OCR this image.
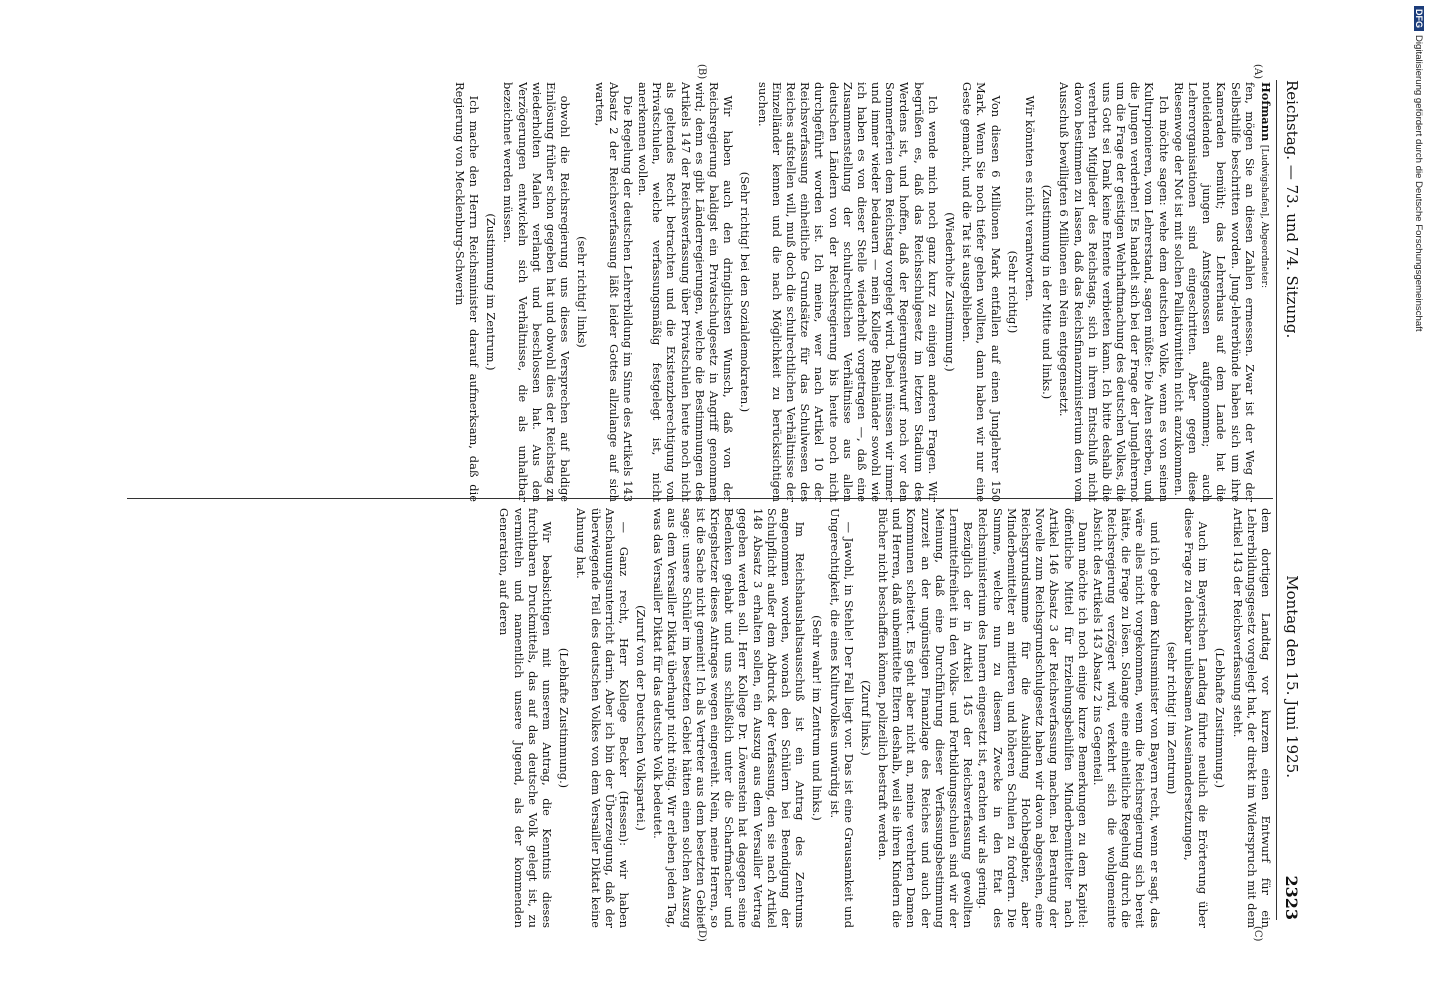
Reichstag. — 73. und 74. Sitzung.
Montag den 15. Juni 1925.
2323
(A)
(B)
(C)
(D)

Hofmann [Ludwigshafen], Abgeordneter:

fen, mögen Sie an diesen Zahlen ermessen. Zwar ist der Weg der Selbsthilfe beschritten worden. Jung-lehrerbünde haben sich um ihre Kameraden bemüht; das Lehrerhaus auf dem Lande hat die notleidenden jungen Amtsgenossen aufgenommen; auch Lehrerorganisationen sind eingeschritten. Aber gegen diese Riesenwoge der Not ist mit solchen Palliativmitteln nicht anzukommen.

Ich möchte sagen: wehe dem deutschen Volke, wenn es von seinen Kulturpionieren, vom Lehrerstand, sagen müßte: Die Alten sterben, und die Jungen verderben! Es handelt sich bei der Frage der Junglehrernot um die Frage der geistigen Wehrhaftmachung des deutschen Volkes, die uns Gott sei Dank keine Entente verbieten kann. Ich bitte deshalb die verehrten Mitglieder des Reichstags, sich in ihrem Entschluß nicht davon bestimmen zu lassen, daß das Reichsfinanzministerium dem vom Ausschuß bewilligten 6 Millionen ein Nein entgegensetzt.

(Zustimmung in der Mitte und links.)

Wir könnten es nicht verantworten.

(Sehr richtig!)

Von diesen 6 Millionen Mark entfallen auf einen Junglehrer 150 Mark. Wenn Sie noch tiefer gehen wollten, dann haben wir nur eine Geste gemacht, und die Tat ist ausgeblieben.

(Wiederholte Zustimmung.)

Ich wende mich noch ganz kurz zu einigen anderen Fragen. Wir begrüßen es, daß das Reichsschulgesetz im letzten Stadium des Werdens ist, und hoffen, daß der Regierungsentwurf noch vor den Sommerferien dem Reichstag vorgelegt wird. Dabei müssen wir immer und immer wieder bedauern — mein Kollege Rheinländer sowohl wie ich haben es von dieser Stelle wiederholt vorgetragen —, daß eine Zusammenstellung der schulrechtlichen Verhältnisse aus allen deutschen Ländern von der Reichsregierung bis heute noch nicht durchgeführt worden ist. Ich meine, wer nach Artikel 10 der Reichsverfassung einheitliche Grundsätze für das Schulwesen des Reiches aufstellen will, muß doch die schulrechtlichen Verhältnisse der Einzelländer kennen und die nach Möglichkeit zu berücksichtigen suchen.

(Sehr richtig! bei den Sozialdemokraten.)

Wir haben auch den dringlichsten Wunsch, daß von der Reichsregierung baldigst ein Privatschulgesetz in Angriff genommen wird; denn es gibt Länderregierungen, welche die Bestimmungen des Artikels 147 der Reichsverfassung über Privatschulen heute noch nicht als geltendes Recht betrachten und die Existenzberechtigung von Privatschulen, welche verfassungsmäßig festgelegt ist, nicht anerkennen wollen.

Die Regelung der deutschen Lehrerbildung im Sinne des Artikels 143 Absatz 2 der Reichsverfassung läßt leider Gottes allzulange auf sich warten,

(sehr richtig! links)

obwohl die Reichsregierung uns dieses Versprechen auf baldige Einlösung früher schon gegeben hat und obwohl dies der Reichstag zu wiederholten Malen verlangt und beschlossen hat. Aus den Verzögerungen entwickeln sich Verhältnisse, die als unhaltbar bezeichnet werden müssen.

(Zustimmung im Zentrum.)

Ich mache den Herrn Reichsminister darauf aufmerksam, daß die Regierung von Mecklenburg-Schwerin

dem dortigen Landtag vor kurzem einen Entwurf für ein Lehrerbildungsgesetz vorgelegt hat, der direkt im Widerspruch mit dem Artikel 143 der Reichsverfassung steht.

(Lebhafte Zustimmung.)

Auch im Bayerischen Landtag führte neulich die Erörterung über diese Frage zu denkbar unliebsamen Auseinandersetzungen,

(sehr richtig! im Zentrum)

und ich gebe dem Kultusminister von Bayern recht, wenn er sagt, das wäre alles nicht vorgekommen, wenn die Reichsregierung sich bereit hätte, die Frage zu lösen. Solange eine einheitliche Regelung durch die Reichsregierung verzögert wird, verkehrt sich die wohlgemeinte Absicht des Artikels 143 Absatz 2 ins Gegenteil.

Dann möchte ich noch einige kurze Bemerkungen zu dem Kapitel: öffentliche Mittel für Erziehungsbeihilfen Minderbemittelter nach Artikel 146 Absatz 3 der Reichsverfassung machen. Bei Beratung der Novelle zum Reichsgrundschulgesetz haben wir davon abgesehen, eine Reichsgrundsumme für die Ausbildung Hochbegabter, aber Minderbemittelter an mittleren und höheren Schulen zu fordern. Die Summe, welche nun zu diesem Zwecke in den Etat des Reichsministerium des Innern eingesetzt ist, erachten wir als gering.

Bezüglich der in Artikel 145 der Reichsverfassung gewollten Lernmittelfreiheit in den Volks- und Fortbildungsschulen sind wir der Meinung, daß eine Durchführung dieser Verfassungsbestimmung zurzeit an der ungünstigen Finanzlage des Reiches und auch der Kommunen scheitert. Es geht aber nicht an, meine verehrten Damen und Herren, daß unbemittelte Eltern deshalb, weil sie ihren Kindern die Bücher nicht beschaffen können, polizeilich bestraft werden.

(Zuruf links.)

— Jawohl, in Stehle! Der Fall liegt vor. Das ist eine Grausamkeit und Ungerechtigkeit, die eines Kulturvolkes unwürdig ist.

(Sehr wahr! im Zentrum und links.)

Im Reichshaushaltsausschuß ist ein Antrag des Zentrums angenommen worden, wonach den Schülern bei Beendigung der Schulpflicht außer dem Abdruck der Verfassung, den sie nach Artikel 148 Absatz 3 erhalten sollen, ein Auszug aus dem Versailler Vertrag gegeben werden soll. Herr Kollege Dr. Löwenstein hat dagegen seine Bedenken gehabt und uns schließlich unter die Scharfmacher und Kriegshetzer dieses Antrages wegen eingereiht. Nein, meine Herren, so ist die Sache nicht gemeint! Ich als Vertreter aus dem besetzten Gebiet sage: unsere Schüler im besetzten Gebiet hätten einen solchen Auszug aus dem Versailler Diktat überhaupt nicht nötig. Wir erleben jeden Tag, was das Versailler Diktat für das deutsche Volk bedeutet.

(Zuruf von der Deutschen Volkspartei.)

— Ganz recht, Herr Kollege Becker (Hessen): wir haben Anschauungsunterricht darin. Aber ich bin der Überzeugung, daß der überwiegende Teil des deutschen Volkes von dem Versailler Diktat keine Ahnung hat.

(Lebhafte Zustimmung.)

Wir beabsichtigen mit unserem Antrag, die Kenntnis dieses furchtbaren Druckmittels, das auf das deutsche Volk gelegt ist, zu vermitteln und namentlich unsere Jugend, als der kommenden Generation, auf deren

DFGDigitalisierung gefördert durch die Deutsche Forschungsgemeinschaft
